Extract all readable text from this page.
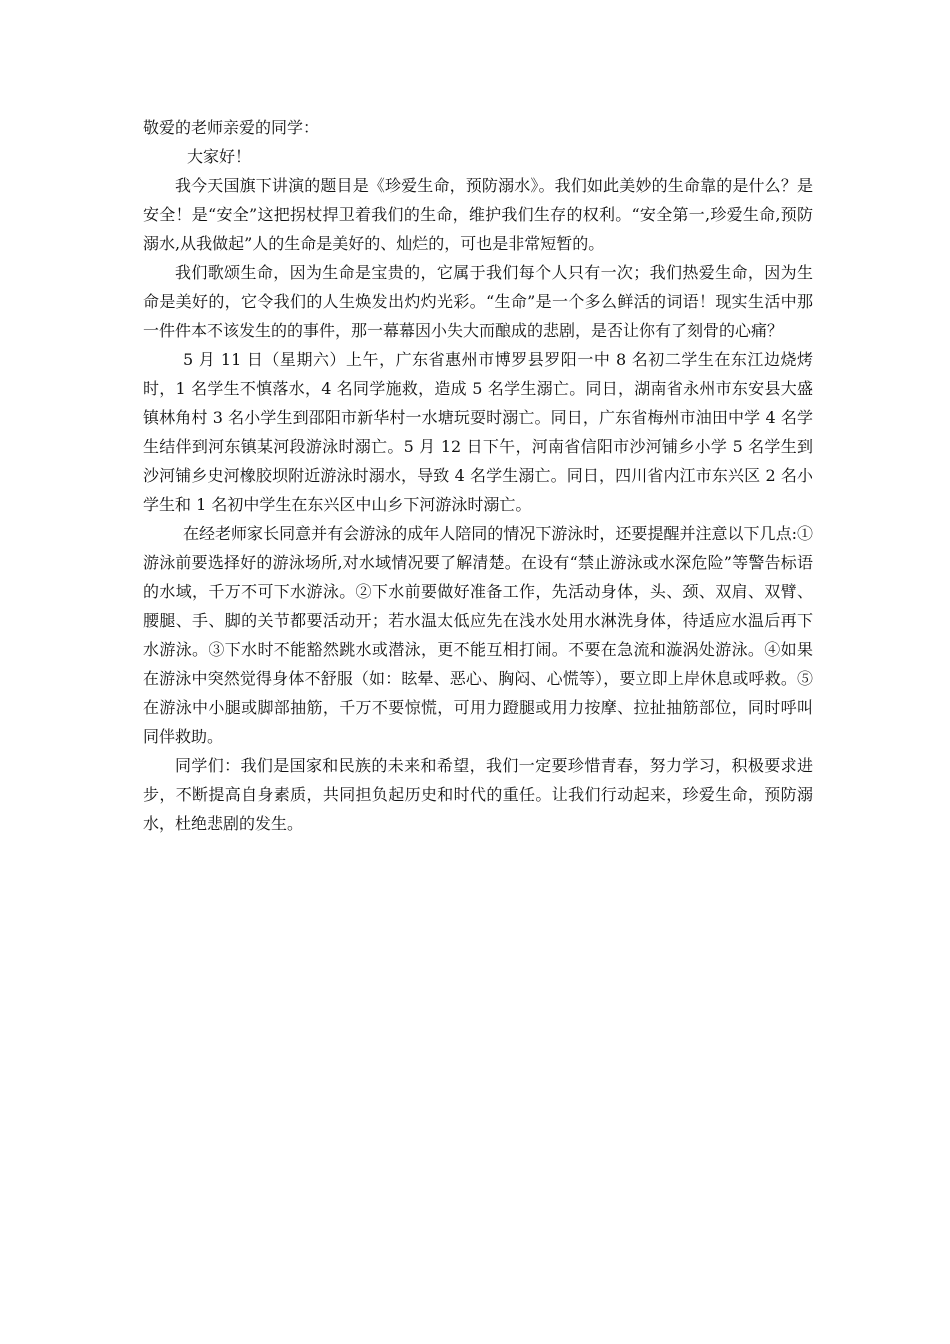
敬爱的老师亲爱的同学：

大家好！

我今天国旗下讲演的题目是《珍爱生命，预防溺水》。我们如此美妙的生命靠的是什么？是安全！是“安全”这把拐杖捍卫着我们的生命，维护我们生存的权利。“安全第一,珍爱生命,预防溺水,从我做起”人的生命是美好的、灿烂的，可也是非常短暂的。

我们歌颂生命，因为生命是宝贵的，它属于我们每个人只有一次；我们热爱生命，因为生命是美好的，它令我们的人生焕发出灼灼光彩。“生命”是一个多么鲜活的词语！现实生活中那一件件本不该发生的的事件，那一幕幕因小失大而酿成的悲剧，是否让你有了刻骨的心痛？

5 月 11 日（星期六）上午，广东省惠州市博罗县罗阳一中 8 名初二学生在东江边烧烤时，1 名学生不慎落水，4 名同学施救，造成 5 名学生溺亡。同日，湖南省永州市东安县大盛镇林角村 3 名小学生到邵阳市新华村一水塘玩耍时溺亡。同日，广东省梅州市油田中学 4 名学生结伴到河东镇某河段游泳时溺亡。5 月 12 日下午，河南省信阳市沙河铺乡小学 5 名学生到沙河铺乡史河橡胶坝附近游泳时溺水，导致 4 名学生溺亡。同日，四川省内江市东兴区 2 名小学生和 1 名初中学生在东兴区中山乡下河游泳时溺亡。

在经老师家长同意并有会游泳的成年人陪同的情况下游泳时，还要提醒并注意以下几点:①游泳前要选择好的游泳场所,对水域情况要了解清楚。在设有“禁止游泳或水深危险”等警告标语的水域，千万不可下水游泳。②下水前要做好准备工作，先活动身体，头、颈、双肩、双臂、腰腿、手、脚的关节都要活动开；若水温太低应先在浅水处用水淋洗身体，待适应水温后再下水游泳。③下水时不能豁然跳水或潜泳，更不能互相打闹。不要在急流和漩涡处游泳。④如果在游泳中突然觉得身体不舒服（如：眩晕、恶心、胸闷、心慌等），要立即上岸休息或呼救。⑤在游泳中小腿或脚部抽筋，千万不要惊慌，可用力蹬腿或用力按摩、拉扯抽筋部位，同时呼叫同伴救助。

同学们：我们是国家和民族的未来和希望，我们一定要珍惜青春，努力学习，积极要求进步，不断提高自身素质，共同担负起历史和时代的重任。让我们行动起来，珍爱生命，预防溺水，杜绝悲剧的发生。
